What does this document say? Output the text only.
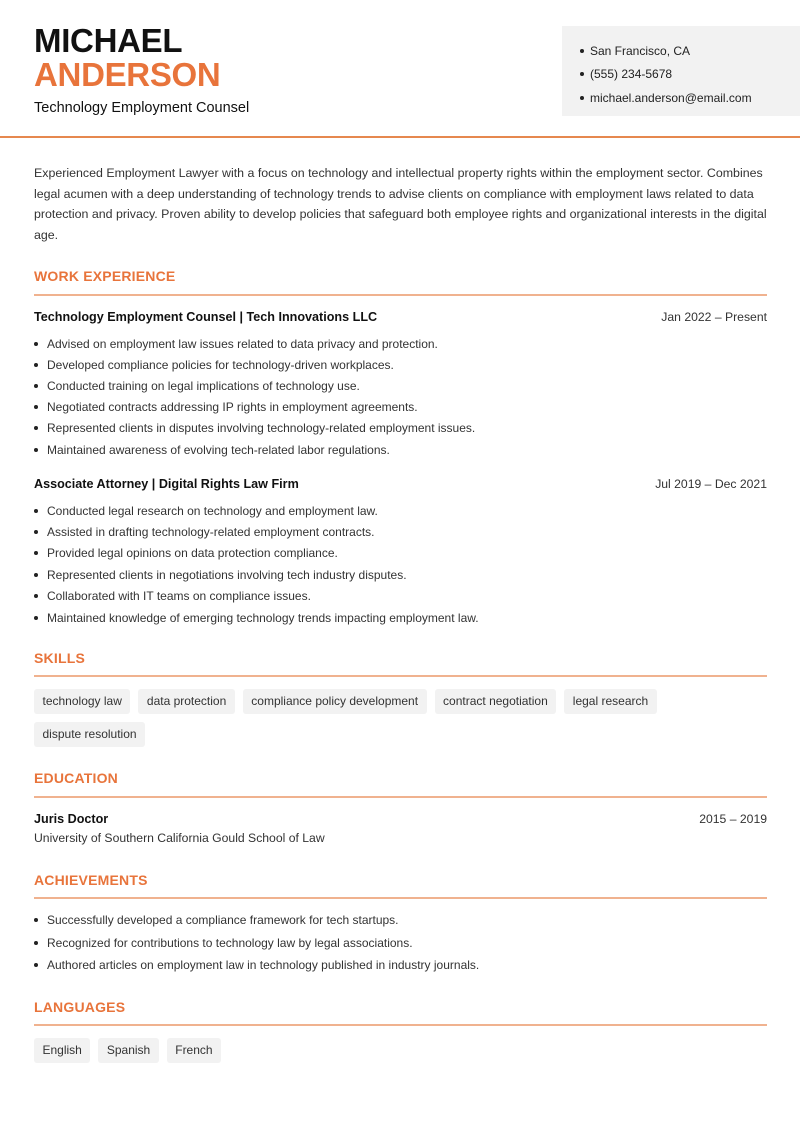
MICHAEL
ANDERSON
Technology Employment Counsel
San Francisco, CA
(555) 234-5678
michael.anderson@email.com
Experienced Employment Lawyer with a focus on technology and intellectual property rights within the employment sector. Combines legal acumen with a deep understanding of technology trends to advise clients on compliance with employment laws related to data protection and privacy. Proven ability to develop policies that safeguard both employee rights and organizational interests in the digital age.
WORK EXPERIENCE
Technology Employment Counsel | Tech Innovations LLC	Jan 2022 – Present
Advised on employment law issues related to data privacy and protection.
Developed compliance policies for technology-driven workplaces.
Conducted training on legal implications of technology use.
Negotiated contracts addressing IP rights in employment agreements.
Represented clients in disputes involving technology-related employment issues.
Maintained awareness of evolving tech-related labor regulations.
Associate Attorney | Digital Rights Law Firm	Jul 2019 – Dec 2021
Conducted legal research on technology and employment law.
Assisted in drafting technology-related employment contracts.
Provided legal opinions on data protection compliance.
Represented clients in negotiations involving tech industry disputes.
Collaborated with IT teams on compliance issues.
Maintained knowledge of emerging technology trends impacting employment law.
SKILLS
technology law	data protection	compliance policy development	contract negotiation	legal research
dispute resolution
EDUCATION
Juris Doctor	2015 – 2019
University of Southern California Gould School of Law
ACHIEVEMENTS
Successfully developed a compliance framework for tech startups.
Recognized for contributions to technology law by legal associations.
Authored articles on employment law in technology published in industry journals.
LANGUAGES
English	Spanish	French
